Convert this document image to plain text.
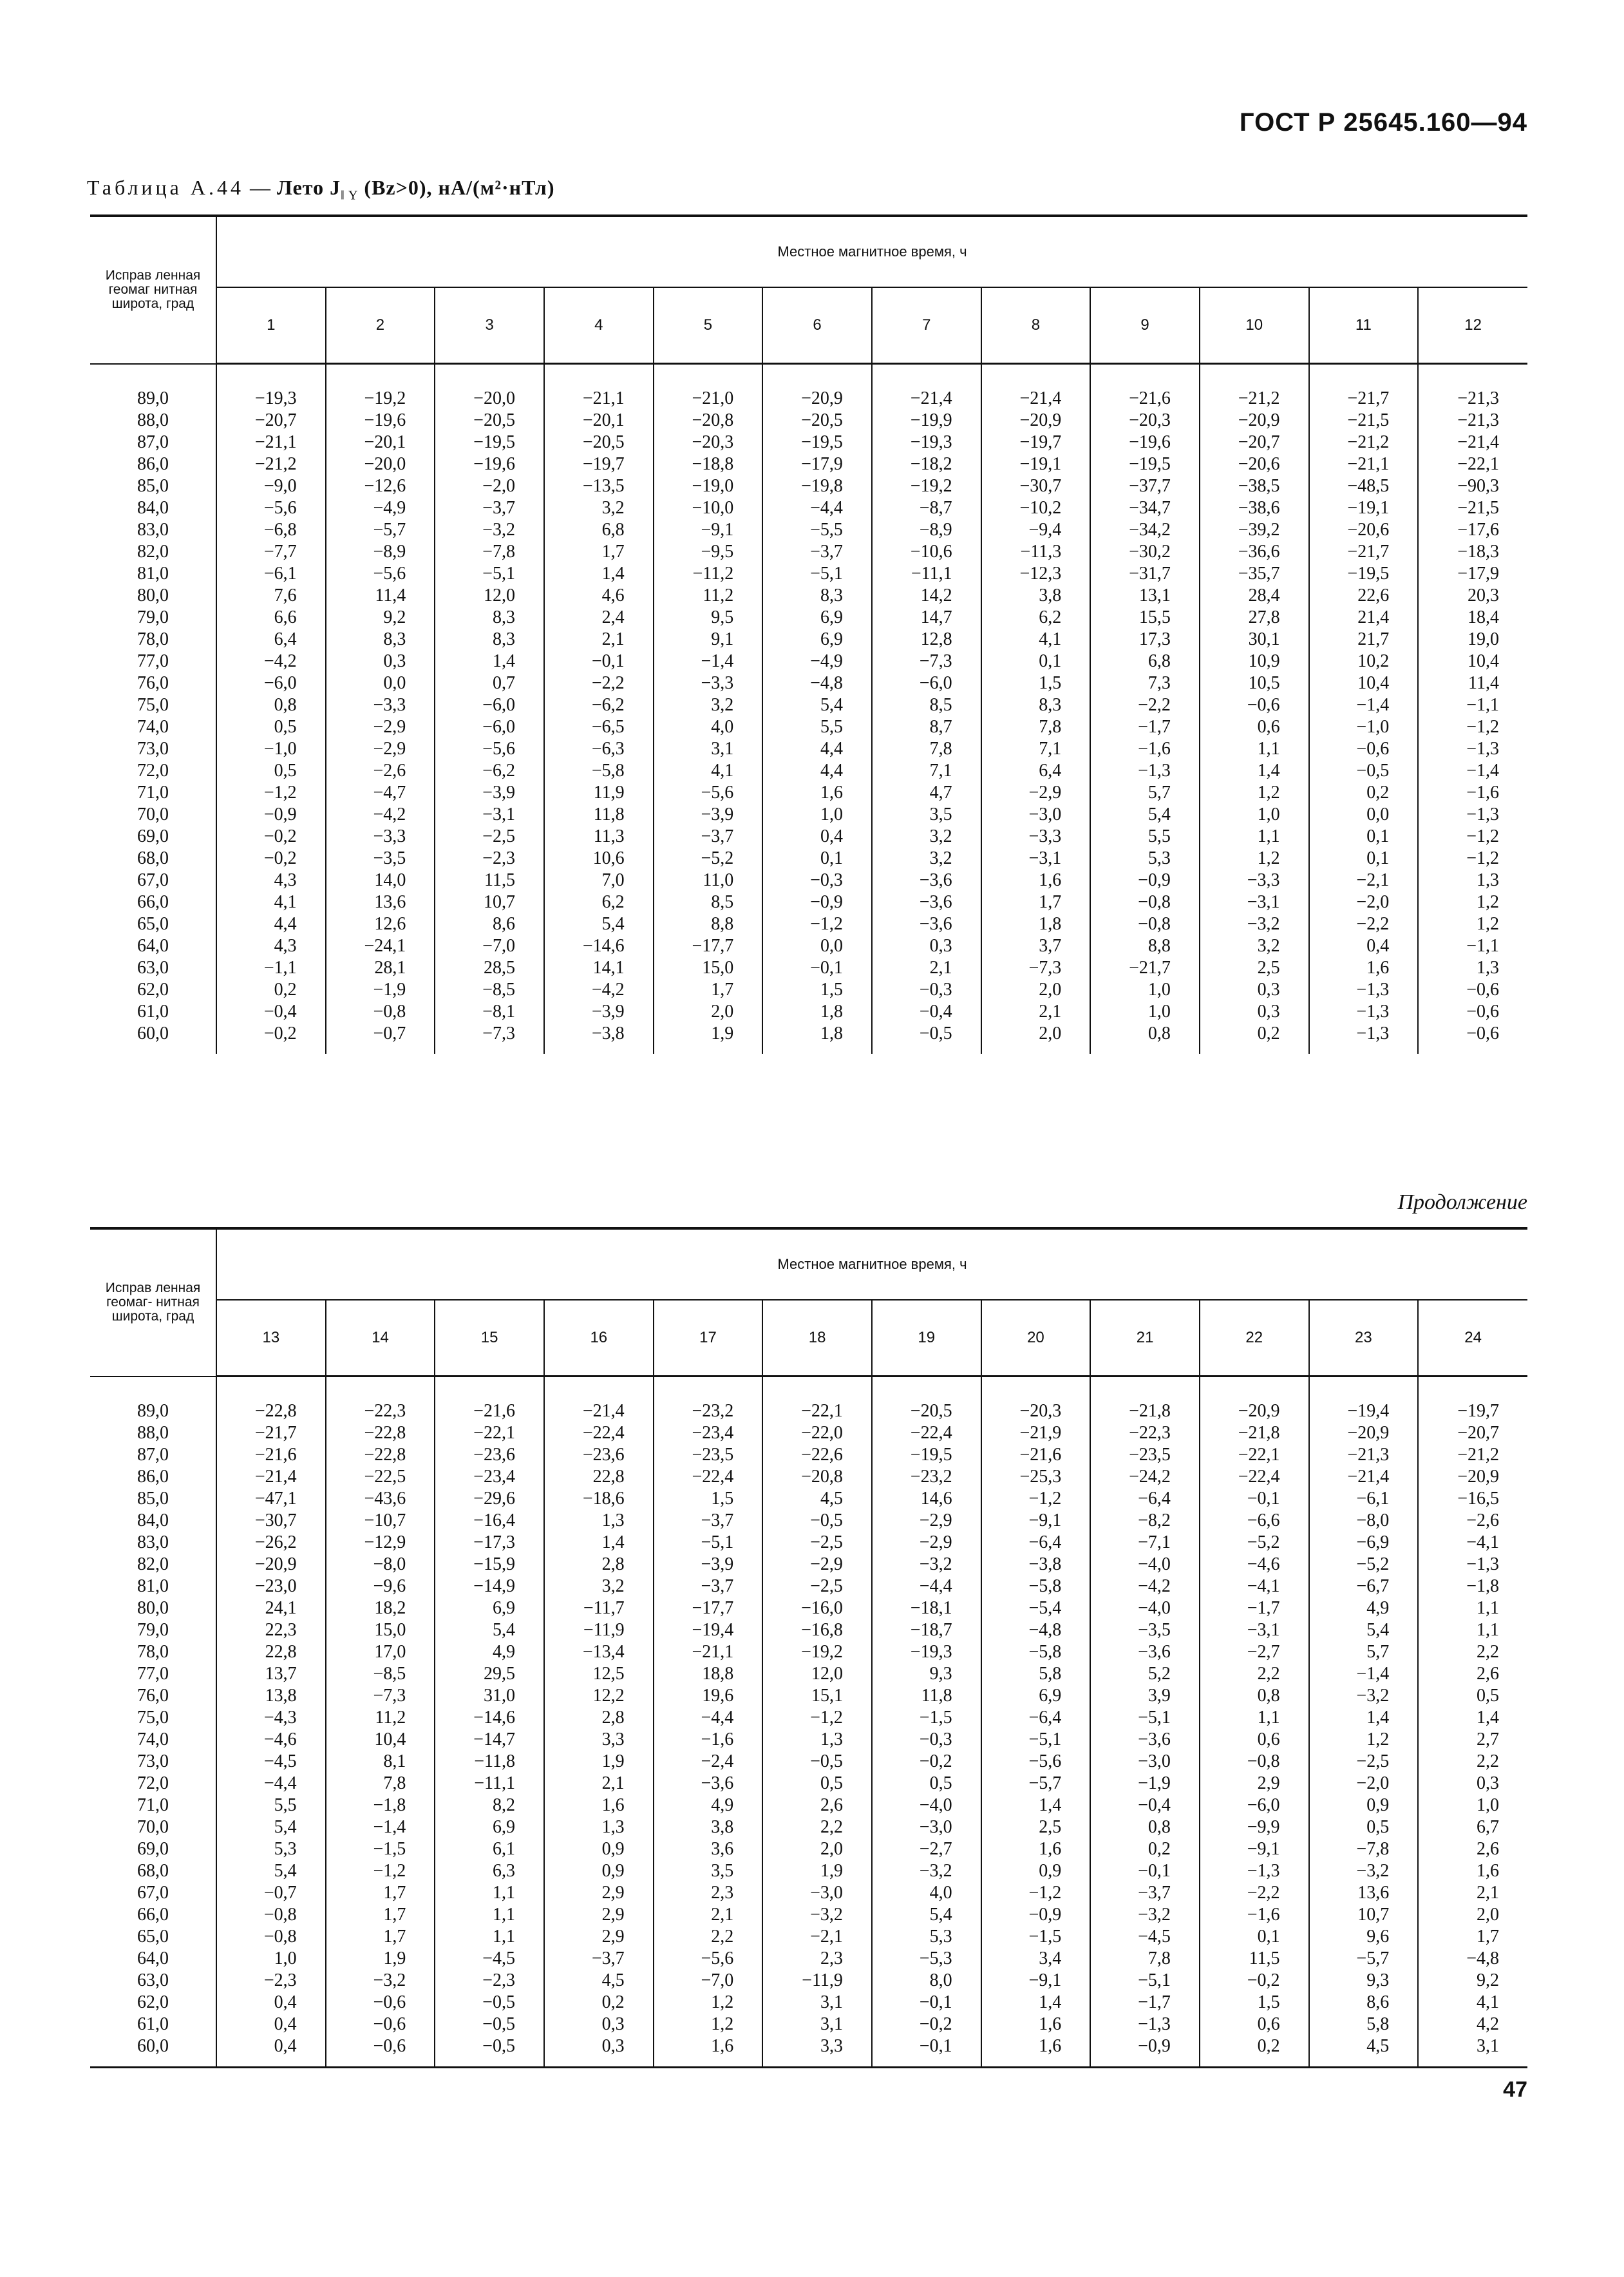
ГОСТ Р 25645.160—94
Таблица А.44 — Лето $J_{‖ Y}$ (Bz>0), нА/(м²·нТл)
Исправ ленная геомаг нитная широта, град	Местное магнитное время, ч											
	1	2	3	4	5	6	7	8	9	10	11	12
89,0	−19,3	−19,2	−20,0	−21,1	−21,0	−20,9	−21,4	−21,4	−21,6	−21,2	−21,7	−21,3
88,0	−20,7	−19,6	−20,5	−20,1	−20,8	−20,5	−19,9	−20,9	−20,3	−20,9	−21,5	−21,3
87,0	−21,1	−20,1	−19,5	−20,5	−20,3	−19,5	−19,3	−19,7	−19,6	−20,7	−21,2	−21,4
86,0	−21,2	−20,0	−19,6	−19,7	−18,8	−17,9	−18,2	−19,1	−19,5	−20,6	−21,1	−22,1
85,0	−9,0	−12,6	−2,0	−13,5	−19,0	−19,8	−19,2	−30,7	−37,7	−38,5	−48,5	−90,3
84,0	−5,6	−4,9	−3,7	3,2	−10,0	−4,4	−8,7	−10,2	−34,7	−38,6	−19,1	−21,5
83,0	−6,8	−5,7	−3,2	6,8	−9,1	−5,5	−8,9	−9,4	−34,2	−39,2	−20,6	−17,6
82,0	−7,7	−8,9	−7,8	1,7	−9,5	−3,7	−10,6	−11,3	−30,2	−36,6	−21,7	−18,3
81,0	−6,1	−5,6	−5,1	1,4	−11,2	−5,1	−11,1	−12,3	−31,7	−35,7	−19,5	−17,9
80,0	7,6	11,4	12,0	4,6	11,2	8,3	14,2	3,8	13,1	28,4	22,6	20,3
79,0	6,6	9,2	8,3	2,4	9,5	6,9	14,7	6,2	15,5	27,8	21,4	18,4
78,0	6,4	8,3	8,3	2,1	9,1	6,9	12,8	4,1	17,3	30,1	21,7	19,0
77,0	−4,2	0,3	1,4	−0,1	−1,4	−4,9	−7,3	0,1	6,8	10,9	10,2	10,4
76,0	−6,0	0,0	0,7	−2,2	−3,3	−4,8	−6,0	1,5	7,3	10,5	10,4	11,4
75,0	0,8	−3,3	−6,0	−6,2	3,2	5,4	8,5	8,3	−2,2	−0,6	−1,4	−1,1
74,0	0,5	−2,9	−6,0	−6,5	4,0	5,5	8,7	7,8	−1,7	0,6	−1,0	−1,2
73,0	−1,0	−2,9	−5,6	−6,3	3,1	4,4	7,8	7,1	−1,6	1,1	−0,6	−1,3
72,0	0,5	−2,6	−6,2	−5,8	4,1	4,4	7,1	6,4	−1,3	1,4	−0,5	−1,4
71,0	−1,2	−4,7	−3,9	11,9	−5,6	1,6	4,7	−2,9	5,7	1,2	0,2	−1,6
70,0	−0,9	−4,2	−3,1	11,8	−3,9	1,0	3,5	−3,0	5,4	1,0	0,0	−1,3
69,0	−0,2	−3,3	−2,5	11,3	−3,7	0,4	3,2	−3,3	5,5	1,1	0,1	−1,2
68,0	−0,2	−3,5	−2,3	10,6	−5,2	0,1	3,2	−3,1	5,3	1,2	0,1	−1,2
67,0	4,3	14,0	11,5	7,0	11,0	−0,3	−3,6	1,6	−0,9	−3,3	−2,1	1,3
66,0	4,1	13,6	10,7	6,2	8,5	−0,9	−3,6	1,7	−0,8	−3,1	−2,0	1,2
65,0	4,4	12,6	8,6	5,4	8,8	−1,2	−3,6	1,8	−0,8	−3,2	−2,2	1,2
64,0	4,3	−24,1	−7,0	−14,6	−17,7	0,0	0,3	3,7	8,8	3,2	0,4	−1,1
63,0	−1,1	28,1	28,5	14,1	15,0	−0,1	2,1	−7,3	−21,7	2,5	1,6	1,3
62,0	0,2	−1,9	−8,5	−4,2	1,7	1,5	−0,3	2,0	1,0	0,3	−1,3	−0,6
61,0	−0,4	−0,8	−8,1	−3,9	2,0	1,8	−0,4	2,1	1,0	0,3	−1,3	−0,6
60,0	−0,2	−0,7	−7,3	−3,8	1,9	1,8	−0,5	2,0	0,8	0,2	−1,3	−0,6
Продолжение
Исправ ленная геомаг- нитная широта, град	Местное магнитное время, ч											
	13	14	15	16	17	18	19	20	21	22	23	24
89,0	−22,8	−22,3	−21,6	−21,4	−23,2	−22,1	−20,5	−20,3	−21,8	−20,9	−19,4	−19,7
88,0	−21,7	−22,8	−22,1	−22,4	−23,4	−22,0	−22,4	−21,9	−22,3	−21,8	−20,9	−20,7
87,0	−21,6	−22,8	−23,6	−23,6	−23,5	−22,6	−19,5	−21,6	−23,5	−22,1	−21,3	−21,2
86,0	−21,4	−22,5	−23,4	22,8	−22,4	−20,8	−23,2	−25,3	−24,2	−22,4	−21,4	−20,9
85,0	−47,1	−43,6	−29,6	−18,6	1,5	4,5	14,6	−1,2	−6,4	−0,1	−6,1	−16,5
84,0	−30,7	−10,7	−16,4	1,3	−3,7	−0,5	−2,9	−9,1	−8,2	−6,6	−8,0	−2,6
83,0	−26,2	−12,9	−17,3	1,4	−5,1	−2,5	−2,9	−6,4	−7,1	−5,2	−6,9	−4,1
82,0	−20,9	−8,0	−15,9	2,8	−3,9	−2,9	−3,2	−3,8	−4,0	−4,6	−5,2	−1,3
81,0	−23,0	−9,6	−14,9	3,2	−3,7	−2,5	−4,4	−5,8	−4,2	−4,1	−6,7	−1,8
80,0	24,1	18,2	6,9	−11,7	−17,7	−16,0	−18,1	−5,4	−4,0	−1,7	4,9	1,1
79,0	22,3	15,0	5,4	−11,9	−19,4	−16,8	−18,7	−4,8	−3,5	−3,1	5,4	1,1
78,0	22,8	17,0	4,9	−13,4	−21,1	−19,2	−19,3	−5,8	−3,6	−2,7	5,7	2,2
77,0	13,7	−8,5	29,5	12,5	18,8	12,0	9,3	5,8	5,2	2,2	−1,4	2,6
76,0	13,8	−7,3	31,0	12,2	19,6	15,1	11,8	6,9	3,9	0,8	−3,2	0,5
75,0	−4,3	11,2	−14,6	2,8	−4,4	−1,2	−1,5	−6,4	−5,1	1,1	1,4	1,4
74,0	−4,6	10,4	−14,7	3,3	−1,6	1,3	−0,3	−5,1	−3,6	0,6	1,2	2,7
73,0	−4,5	8,1	−11,8	1,9	−2,4	−0,5	−0,2	−5,6	−3,0	−0,8	−2,5	2,2
72,0	−4,4	7,8	−11,1	2,1	−3,6	0,5	0,5	−5,7	−1,9	2,9	−2,0	0,3
71,0	5,5	−1,8	8,2	1,6	4,9	2,6	−4,0	1,4	−0,4	−6,0	0,9	1,0
70,0	5,4	−1,4	6,9	1,3	3,8	2,2	−3,0	2,5	0,8	−9,9	0,5	6,7
69,0	5,3	−1,5	6,1	0,9	3,6	2,0	−2,7	1,6	0,2	−9,1	−7,8	2,6
68,0	5,4	−1,2	6,3	0,9	3,5	1,9	−3,2	0,9	−0,1	−1,3	−3,2	1,6
67,0	−0,7	1,7	1,1	2,9	2,3	−3,0	4,0	−1,2	−3,7	−2,2	13,6	2,1
66,0	−0,8	1,7	1,1	2,9	2,1	−3,2	5,4	−0,9	−3,2	−1,6	10,7	2,0
65,0	−0,8	1,7	1,1	2,9	2,2	−2,1	5,3	−1,5	−4,5	0,1	9,6	1,7
64,0	1,0	1,9	−4,5	−3,7	−5,6	2,3	−5,3	3,4	7,8	11,5	−5,7	−4,8
63,0	−2,3	−3,2	−2,3	4,5	−7,0	−11,9	8,0	−9,1	−5,1	−0,2	9,3	9,2
62,0	0,4	−0,6	−0,5	0,2	1,2	3,1	−0,1	1,4	−1,7	1,5	8,6	4,1
61,0	0,4	−0,6	−0,5	0,3	1,2	3,1	−0,2	1,6	−1,3	0,6	5,8	4,2
60,0	0,4	−0,6	−0,5	0,3	1,6	3,3	−0,1	1,6	−0,9	0,2	4,5	3,1
47
